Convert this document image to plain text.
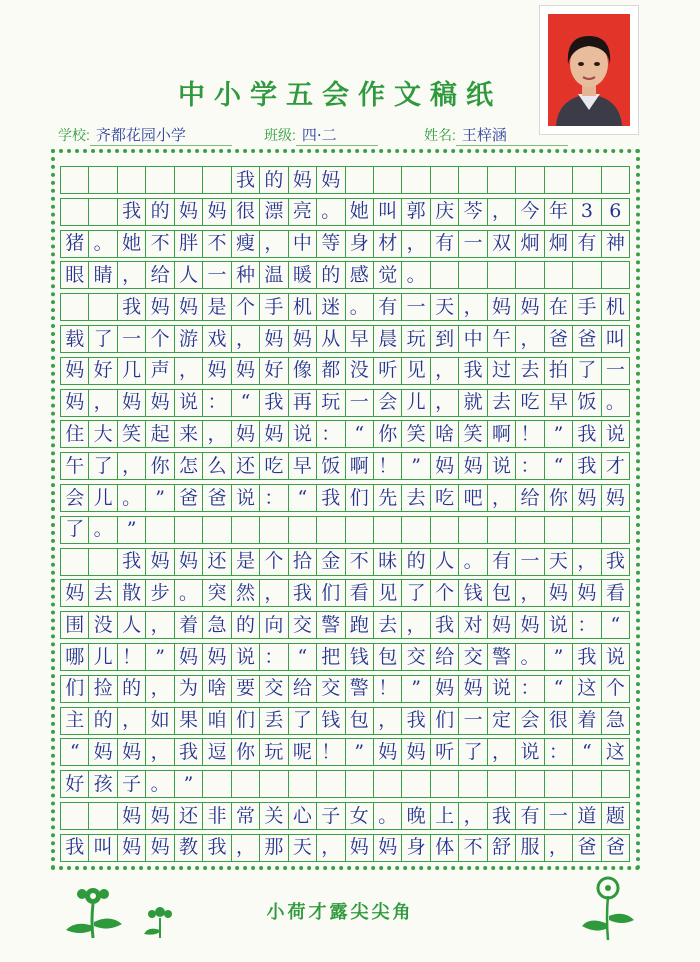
中小学五会作文稿纸
学校: 齐都花园小学	班级: 四·二	姓名: 王梓涵
我 的 妈 妈
我 的 妈 妈 很 漂 亮 。 她 叫 郭 庆 芩 ， 今 年 3 6
猪 。 她 不 胖 不 瘦 ， 中 等 身 材 ， 有 一 双 炯 炯 有 神
眼 睛 ， 给 人 一 种 温 暖 的 感 觉 。
我 妈 妈 是 个 手 机 迷 。 有 一 天 ， 妈 妈 在 手 机
载 了 一 个 游 戏 ， 妈 妈 从 早 晨 玩 到 中 午 ， 爸 爸 叫
妈 好 几 声 ， 妈 妈 好 像 都 没 听 见 ， 我 过 去 拍 了 一
妈 ， 妈 妈 说 ： “ 我 再 玩 一 会 儿 ， 就 去 吃 早 饭 。
住 大 笑 起 来 ， 妈 妈 说 ： “ 你 笑 啥 笑 啊 ！ ” 我 说
午 了 ， 你 怎 么 还 吃 早 饭 啊 ！ ” 妈 妈 说 ： “ 我 才
会 儿 。 ” 爸 爸 说 ： “ 我 们 先 去 吃 吧 ， 给 你 妈 妈
了 。 ”
我 妈 妈 还 是 个 拾 金 不 昧 的 人 。 有 一 天 ， 我
妈 去 散 步 。 突 然 ， 我 们 看 见 了 个 钱 包 ， 妈 妈 看
围 没 人 ， 着 急 的 向 交 警 跑 去 ， 我 对 妈 妈 说 ： “
哪 儿 ！ ” 妈 妈 说 ： “ 把 钱 包 交 给 交 警 。 ” 我 说
们 捡 的 ， 为 啥 要 交 给 交 警 ！ ” 妈 妈 说 ： “ 这 个
主 的 ， 如 果 咱 们 丢 了 钱 包 ， 我 们 一 定 会 很 着 急
“ 妈 妈 ， 我 逗 你 玩 呢 ！ ” 妈 妈 听 了 ， 说 ： “ 这
好 孩 子 。 ”
妈 妈 还 非 常 关 心 子 女 。 晚 上 ， 我 有 一 道 题
我 叫 妈 妈 教 我 ， 那 天 ， 妈 妈 身 体 不 舒 服 ， 爸 爸
小荷才露尖尖角
